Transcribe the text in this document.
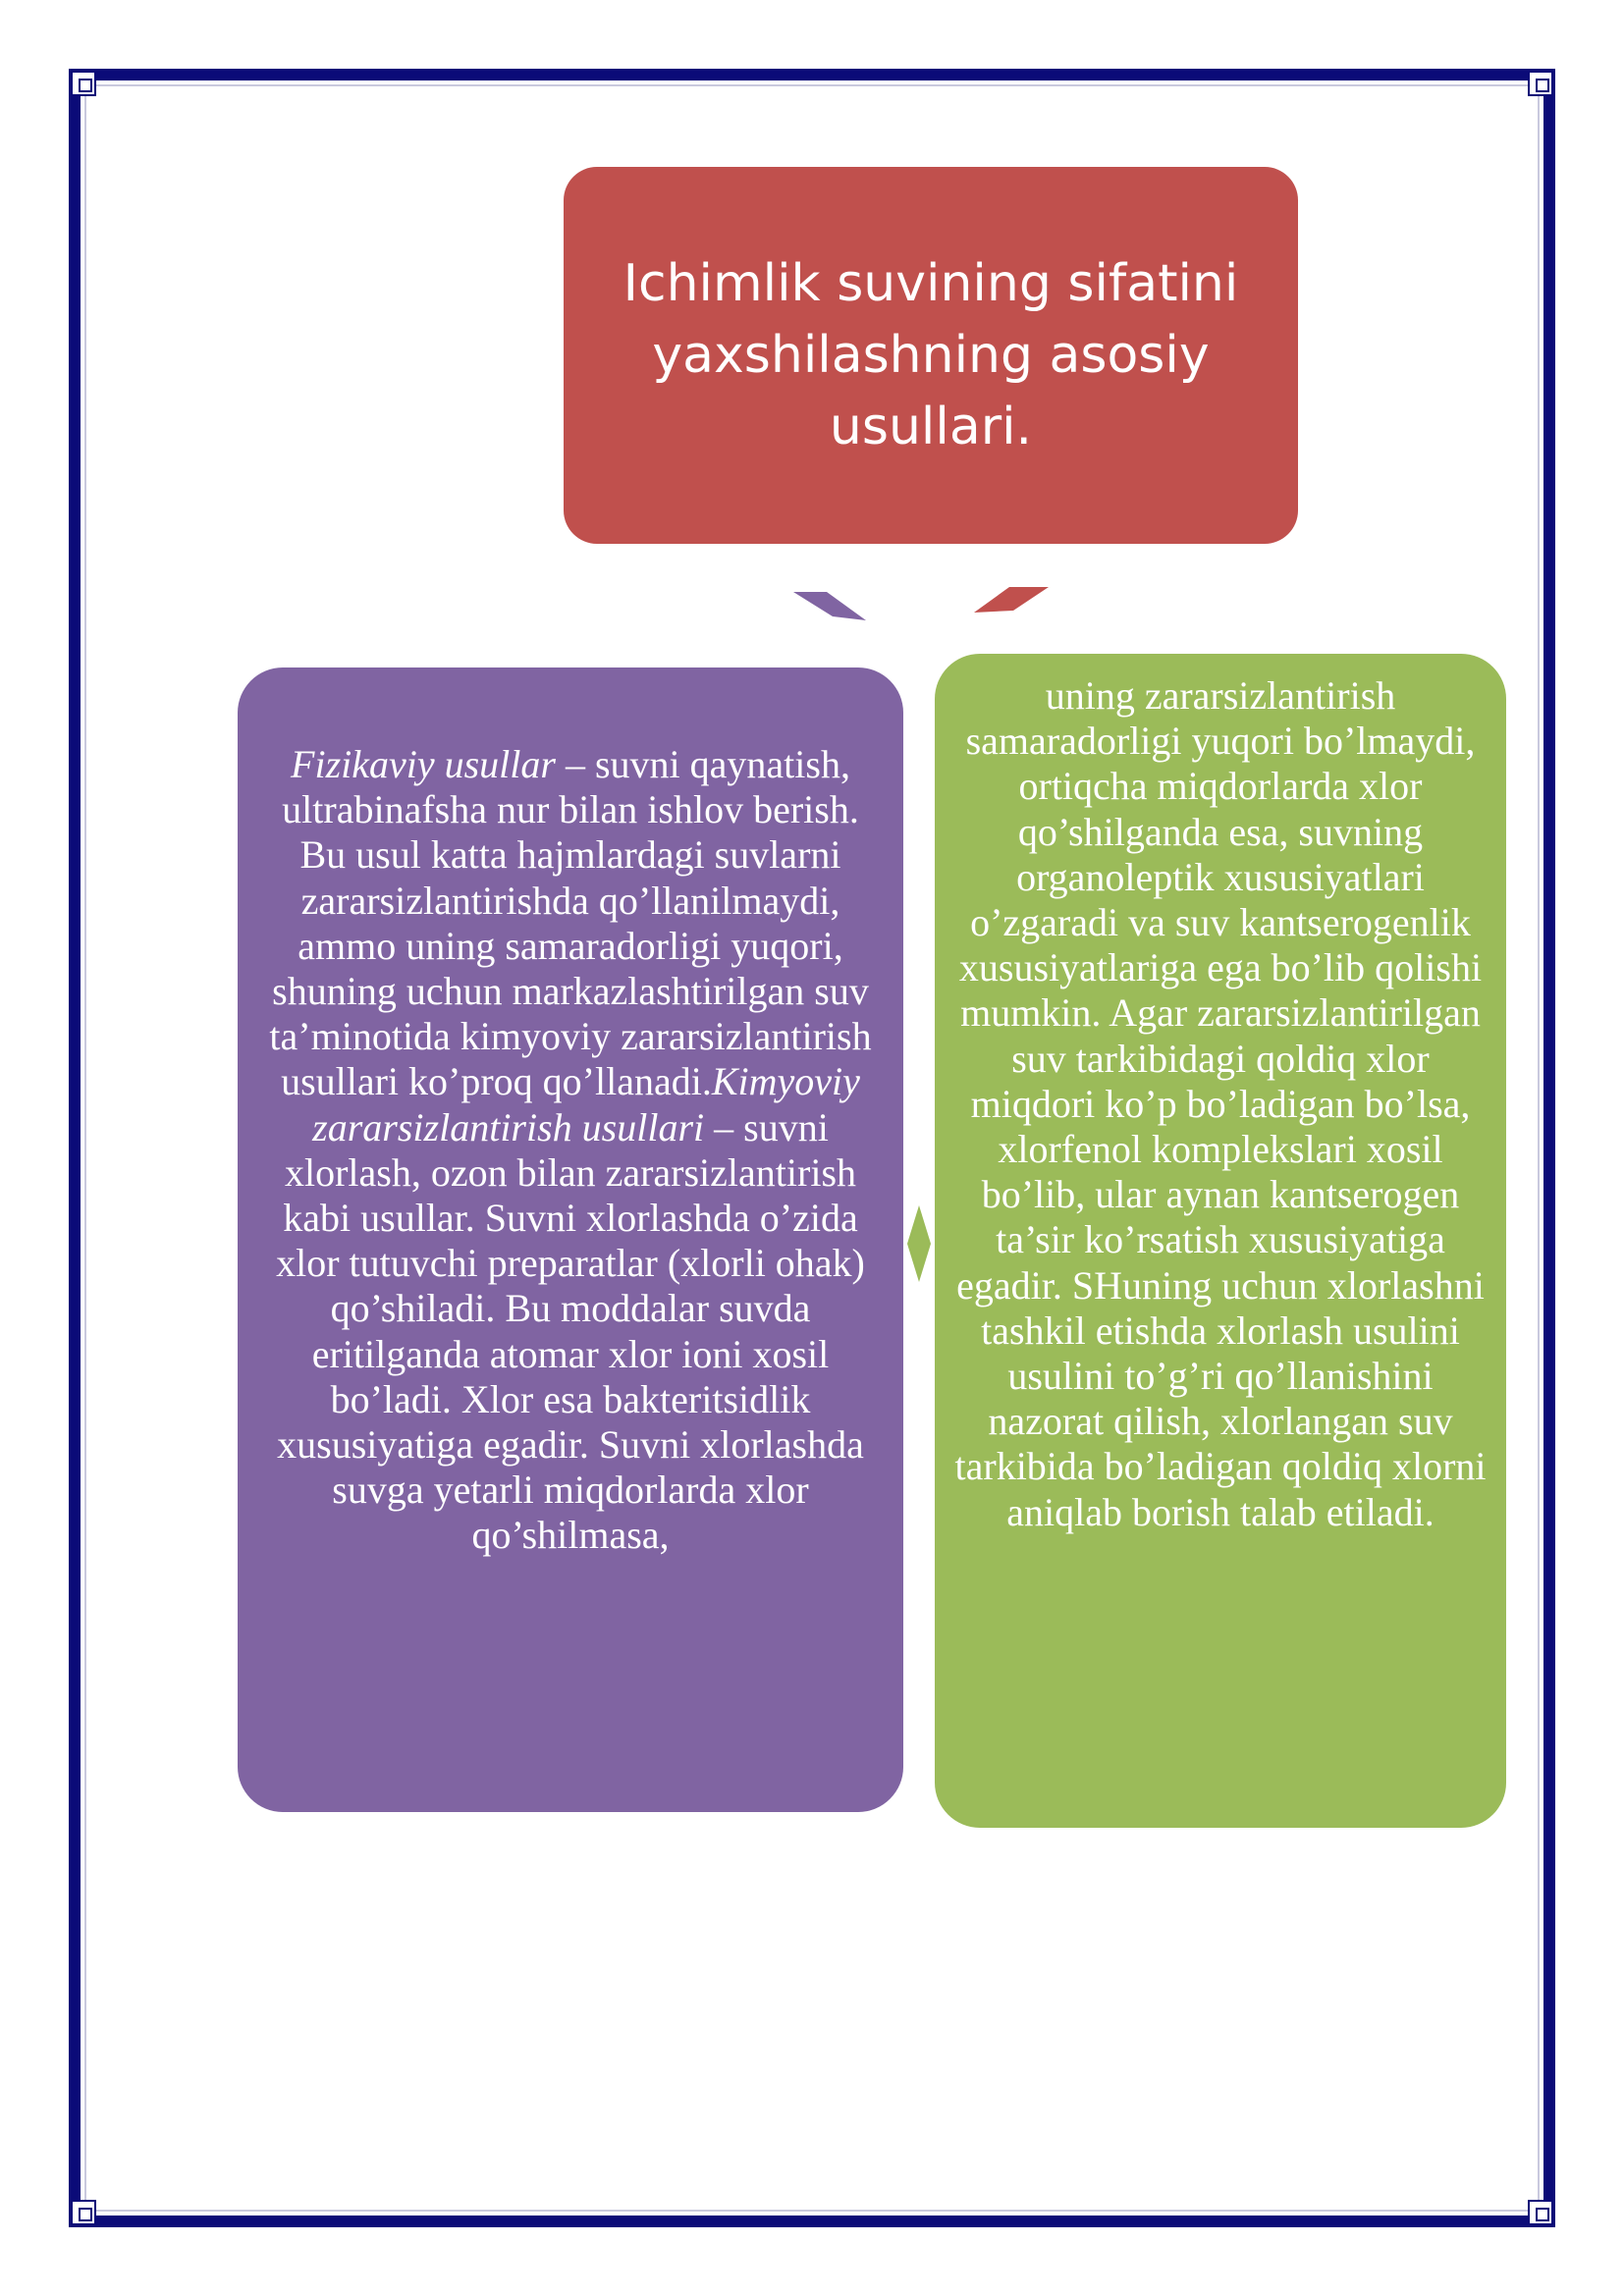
Ichimlik suvining sifatini
yaxshilashning asosiy
usullari.

Fizikaviy usullar – suvni qaynatish, ultrabinafsha nur bilan ishlov berish. Bu usul katta hajmlardagi suvlarni zararsizlantirishda qo’llanilmaydi, ammo uning samaradorligi yuqori, shuning uchun markazlashtirilgan suv ta’minotida kimyoviy zararsizlantirish usullari ko’proq qo’llanadi.Kimyoviy zararsizlantirish usullari – suvni xlorlash, ozon bilan zararsizlantirish kabi usullar. Suvni xlorlashda o’zida xlor tutuvchi preparatlar (xlorli ohak) qo’shiladi. Bu moddalar suvda eritilganda atomar xlor ioni xosil bo’ladi. Xlor esa bakteritsidlik xususiyatiga egadir. Suvni xlorlashda suvga yetarli miqdorlarda xlor qo’shilmasa,

uning zararsizlantirish samaradorligi yuqori bo’lmaydi, ortiqcha miqdorlarda xlor qo’shilganda esa, suvning organoleptik xususiyatlari o’zgaradi va suv kantserogenlik xususiyatlariga ega bo’lib qolishi mumkin. Agar zararsizlantirilgan suv tarkibidagi qoldiq xlor miqdori ko’p bo’ladigan bo’lsa, xlorfenol komplekslari xosil bo’lib, ular aynan kantserogen ta’sir ko’rsatish xususiyatiga egadir. SHuning uchun xlorlashni tashkil etishda xlorlash usulini usulini to’g’ri qo’llanishini nazorat qilish, xlorlangan suv tarkibida bo’ladigan qoldiq xlorni aniqlab borish talab etiladi.
